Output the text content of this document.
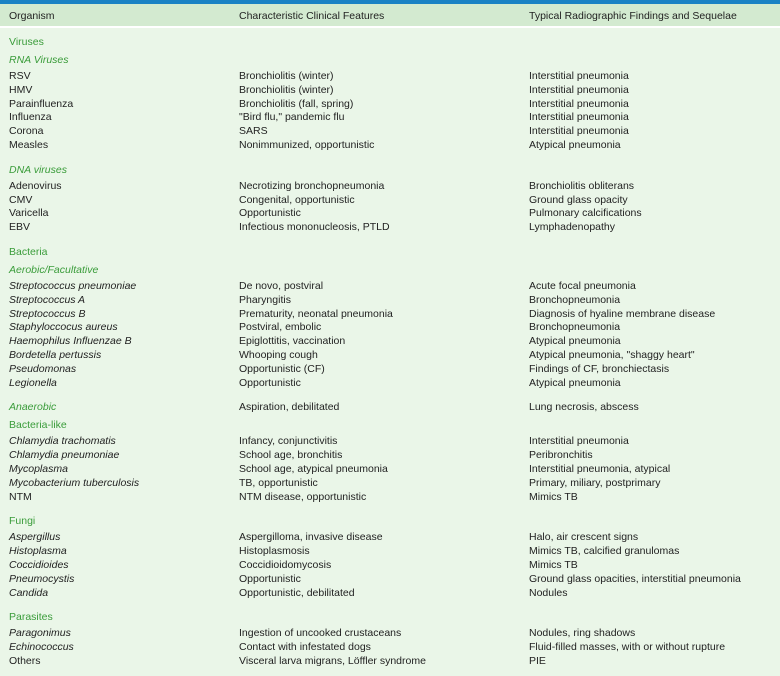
Organism	Characteristic Clinical Features	Typical Radiographic Findings and Sequelae
Viruses
RNA Viruses
RSV	Bronchiolitis (winter)	Interstitial pneumonia
HMV	Bronchiolitis (winter)	Interstitial pneumonia
Parainfluenza	Bronchiolitis (fall, spring)	Interstitial pneumonia
Influenza	"Bird flu," pandemic flu	Interstitial pneumonia
Corona	SARS	Interstitial pneumonia
Measles	Nonimmunized, opportunistic	Atypical pneumonia
DNA viruses
Adenovirus	Necrotizing bronchopneumonia	Bronchiolitis obliterans
CMV	Congenital, opportunistic	Ground glass opacity
Varicella	Opportunistic	Pulmonary calcifications
EBV	Infectious mononucleosis, PTLD	Lymphadenopathy
Bacteria
Aerobic/Facultative
Streptococcus pneumoniae	De novo, postviral	Acute focal pneumonia
Streptococcus A	Pharyngitis	Bronchopneumonia
Streptococcus B	Prematurity, neonatal pneumonia	Diagnosis of hyaline membrane disease
Staphyloccocus aureus	Postviral, embolic	Bronchopneumonia
Haemophilus Influenzae B	Epiglottitis, vaccination	Atypical pneumonia
Bordetella pertussis	Whooping cough	Atypical pneumonia, "shaggy heart"
Pseudomonas	Opportunistic (CF)	Findings of CF, bronchiectasis
Legionella	Opportunistic	Atypical pneumonia
Anaerobic	Aspiration, debilitated	Lung necrosis, abscess
Bacteria-like
Chlamydia trachomatis	Infancy, conjunctivitis	Interstitial pneumonia
Chlamydia pneumoniae	School age, bronchitis	Peribronchitis
Mycoplasma	School age, atypical pneumonia	Interstitial pneumonia, atypical
Mycobacterium tuberculosis	TB, opportunistic	Primary, miliary, postprimary
NTM	NTM disease, opportunistic	Mimics TB
Fungi
Aspergillus	Aspergilloma, invasive disease	Halo, air crescent signs
Histoplasma	Histoplasmosis	Mimics TB, calcified granulomas
Coccidioides	Coccidioidomycosis	Mimics TB
Pneumocystis	Opportunistic	Ground glass opacities, interstitial pneumonia
Candida	Opportunistic, debilitated	Nodules
Parasites
Paragonimus	Ingestion of uncooked crustaceans	Nodules, ring shadows
Echinococcus	Contact with infestated dogs	Fluid-filled masses, with or without rupture
Others	Visceral larva migrans, Löffler syndrome	PIE
